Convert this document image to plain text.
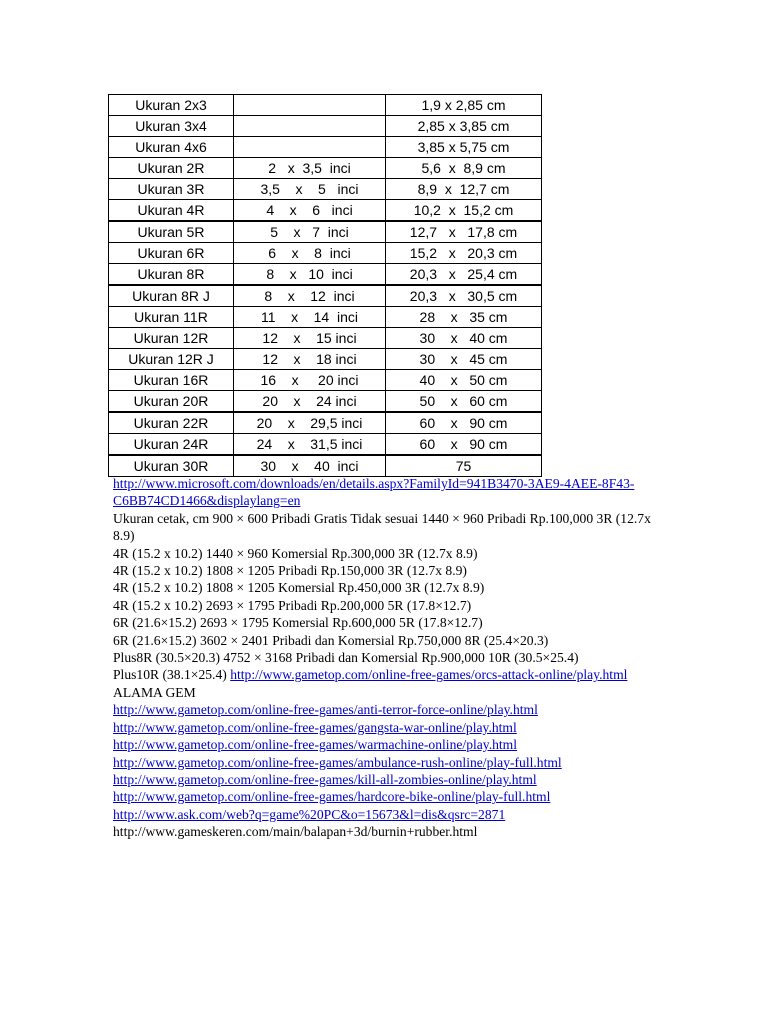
Ukuran 2x3		1,9 x 2,85 cm
Ukuran 3x4		2,85 x 3,85 cm
Ukuran 4x6		3,85 x 5,75 cm
Ukuran 2R	2   x  3,5  inci	5,6  x  8,9 cm
Ukuran 3R	3,5    x    5   inci	8,9  x  12,7 cm
Ukuran 4R	4    x    6   inci	10,2  x  15,2 cm
Ukuran 5R	5    x   7  inci	12,7   x   17,8 cm
Ukuran 6R	6    x    8  inci	15,2   x   20,3 cm
Ukuran 8R	8    x   10  inci	20,3   x   25,4 cm
Ukuran 8R J	8    x    12  inci	20,3   x   30,5 cm
Ukuran 11R	11    x    14  inci	28    x   35 cm
Ukuran 12R	12    x    15 inci	30    x   40 cm
Ukuran 12R J	12    x    18 inci	30    x   45 cm
Ukuran 16R	16    x     20 inci	40    x   50 cm
Ukuran 20R	20    x    24 inci	50    x   60 cm
Ukuran 22R	20    x    29,5 inci	60    x   90 cm
Ukuran 24R	24    x    31,5 inci	60    x   90 cm
Ukuran 30R	30    x    40  inci	75

http://www.microsoft.com/downloads/en/details.aspx?FamilyId=941B3470-3AE9-4AEE-8F43-C6BB74CD1466&displaylang=en

Ukuran cetak, cm 900 × 600 Pribadi Gratis Tidak sesuai 1440 × 960 Pribadi Rp.100,000 3R (12.7x 8.9)

4R (15.2 x 10.2) 1440 × 960 Komersial Rp.300,000 3R (12.7x 8.9)

4R (15.2 x 10.2) 1808 × 1205 Pribadi Rp.150,000 3R (12.7x 8.9)

4R (15.2 x 10.2) 1808 × 1205 Komersial Rp.450,000 3R (12.7x 8.9)

4R (15.2 x 10.2) 2693 × 1795 Pribadi Rp.200,000 5R (17.8×12.7)

6R (21.6×15.2) 2693 × 1795 Komersial Rp.600,000 5R (17.8×12.7)

6R (21.6×15.2) 3602 × 2401 Pribadi dan Komersial Rp.750,000 8R (25.4×20.3)

Plus8R (30.5×20.3) 4752 × 3168 Pribadi dan Komersial Rp.900,000 10R (30.5×25.4)

Plus10R (38.1×25.4) http://www.gametop.com/online-free-games/orcs-attack-online/play.html ALAMA GEM

http://www.gametop.com/online-free-games/anti-terror-force-online/play.html

http://www.gametop.com/online-free-games/gangsta-war-online/play.html

http://www.gametop.com/online-free-games/warmachine-online/play.html

http://www.gametop.com/online-free-games/ambulance-rush-online/play-full.html

http://www.gametop.com/online-free-games/kill-all-zombies-online/play.html

http://www.gametop.com/online-free-games/hardcore-bike-online/play-full.html

http://www.ask.com/web?q=game%20PC&o=15673&l=dis&qsrc=2871

http://www.gameskeren.com/main/balapan+3d/burnin+rubber.html
